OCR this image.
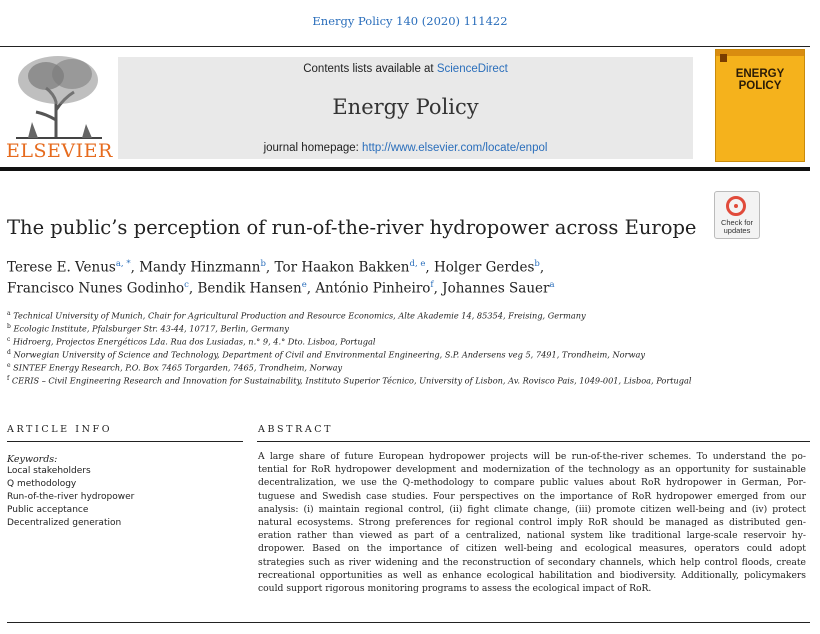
Energy Policy 140 (2020) 111422
ELSEVIER
Contents lists available at ScienceDirect
Energy Policy
journal homepage: http://www.elsevier.com/locate/enpol
ENERGY
POLICY
The public’s perception of run-of-the-river hydropower across Europe	Check for
updates
Terese E. Venus$^{a, *}$, Mandy Hinzmann$^b$, Tor Haakon Bakken$^{d, e}$, Holger Gerdes$^b$,
Francisco Nunes Godinho$^c$, Bendik Hansen$^e$, António Pinheiro$^f$, Johannes Sauer$^a$
$^a$ Technical University of Munich, Chair for Agricultural Production and Resource Economics, Alte Akademie 14, 85354, Freising, Germany
$^b$ Ecologic Institute, Pfalsburger Str. 43-44, 10717, Berlin, Germany
$^c$ Hidroerg, Projectos Energéticos Lda. Rua dos Lusiadas, n.° 9, 4.° Dto. Lisboa, Portugal
$^d$ Norwegian University of Science and Technology, Department of Civil and Environmental Engineering, S.P. Andersens veg 5, 7491, Trondheim, Norway
$^e$ SINTEF Energy Research, P.O. Box 7465 Torgarden, 7465, Trondheim, Norway
$^f$ CERIS – Civil Engineering Research and Innovation for Sustainability, Instituto Superior Técnico, University of Lisbon, Av. Rovisco Pais, 1049-001, Lisboa, Portugal
ARTICLE INFO	ABSTRACT
Keywords:
Local stakeholders
Q methodology
Run-of-the-river hydropower
Public acceptance
Decentralized generation
A large share of future European hydropower projects will be run-of-the-river schemes. To understand the po-
tential for RoR hydropower development and modernization of the technology as an opportunity for sustainable
decentralization, we use the Q-methodology to compare public values about RoR hydropower in German, Por-
tuguese and Swedish case studies. Four perspectives on the importance of RoR hydropower emerged from our
analysis: (i) maintain regional control, (ii) fight climate change, (iii) promote citizen well-being and (iv) protect
natural ecosystems. Strong preferences for regional control imply RoR should be managed as distributed gen-
eration rather than viewed as part of a centralized, national system like traditional large-scale reservoir hy-
dropower. Based on the importance of citizen well-being and ecological measures, operators could adopt
strategies such as river widening and the reconstruction of secondary channels, which help control floods, create
recreational opportunities as well as enhance ecological habilitation and biodiversity. Additionally, policymakers
could support rigorous monitoring programs to assess the ecological impact of RoR.
